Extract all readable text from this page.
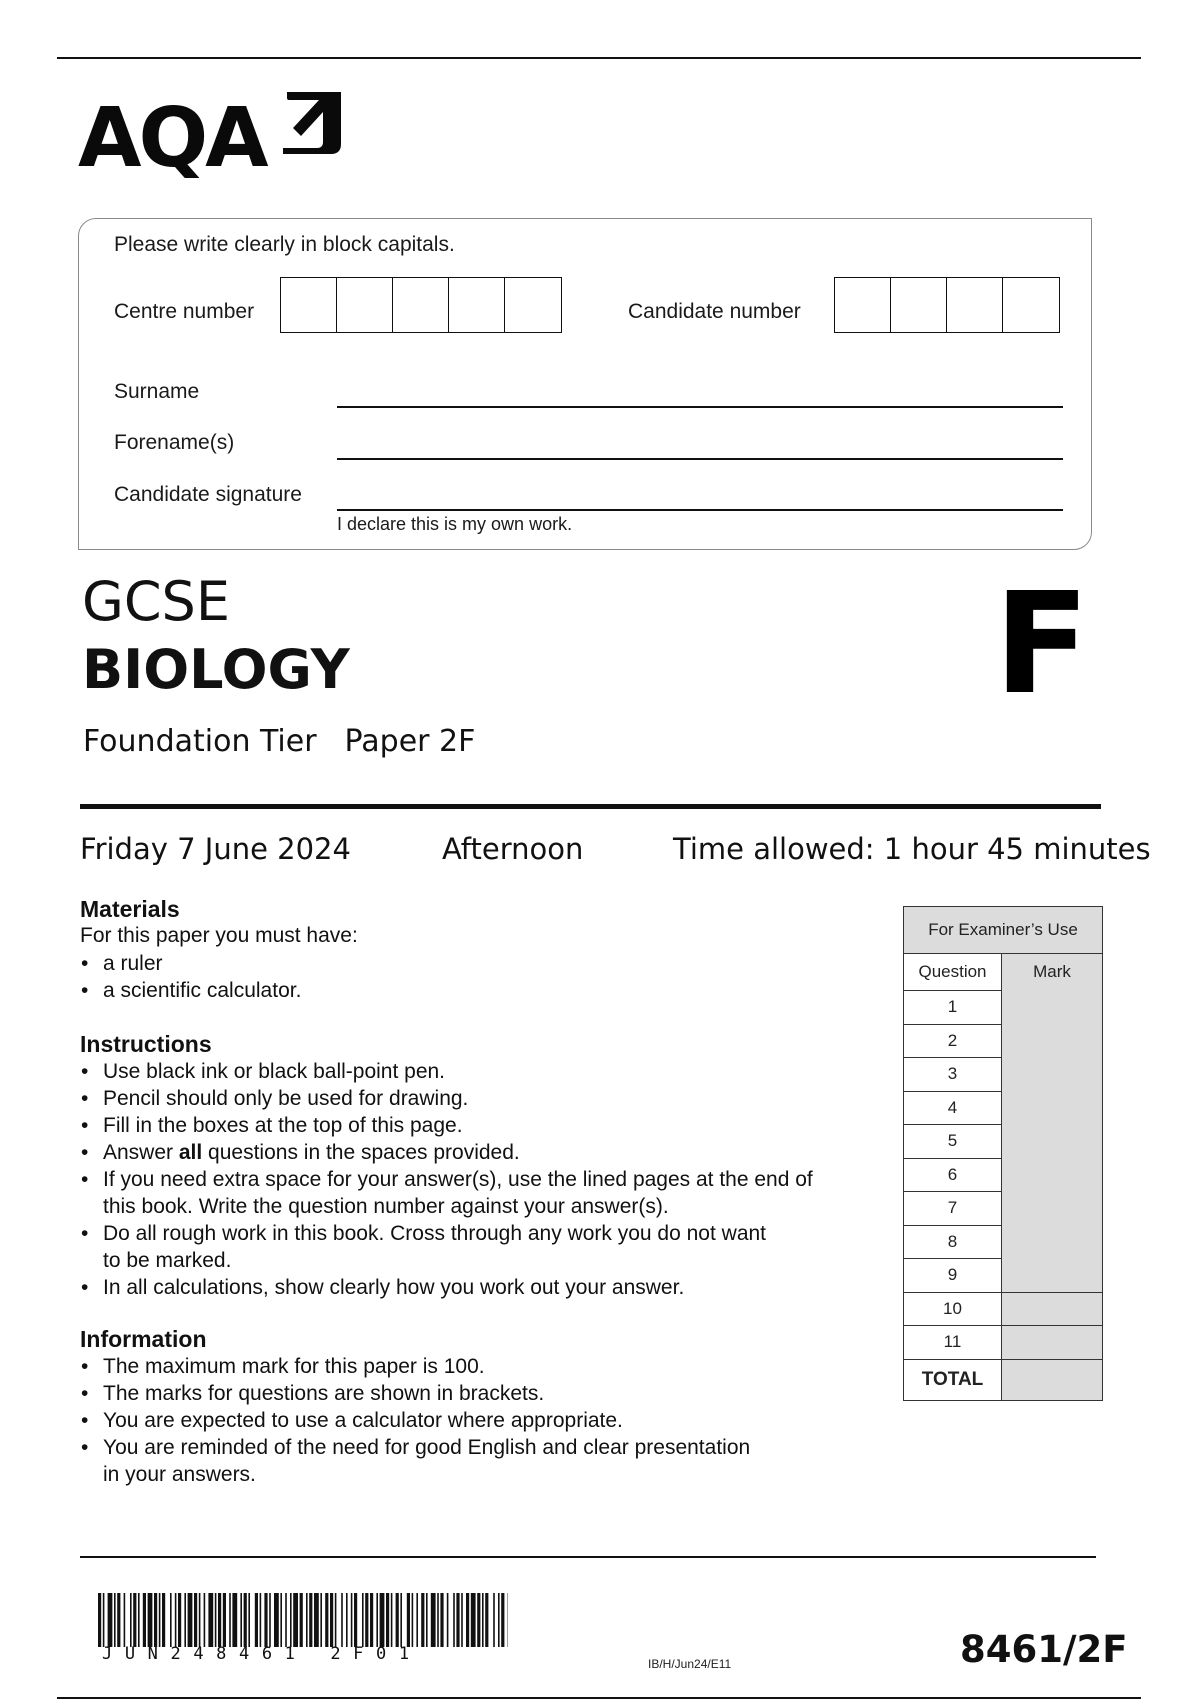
AQA
Please write clearly in block capitals.
Centre number	Candidate number
Surname
Forename(s)
Candidate signature
I declare this is my own work.
GCSE
BIOLOGY
Foundation Tier Paper 2F
F
Friday 7 June 2024	Afternoon	Time allowed: 1 hour 45 minutes
Materials
For this paper you must have:
• a ruler
• a scientific calculator.
Instructions
• Use black ink or black ball-point pen.
• Pencil should only be used for drawing.
• Fill in the boxes at the top of this page.
• Answer all questions in the spaces provided.
• If you need extra space for your answer(s), use the lined pages at the end of
this book. Write the question number against your answer(s).
• Do all rough work in this book. Cross through any work you do not want
to be marked.
• In all calculations, show clearly how you work out your answer.
Information
• The maximum mark for this paper is 100.
• The marks for questions are shown in brackets.
• You are expected to use a calculator where appropriate.
• You are reminded of the need for good English and clear presentation
in your answers.
For Examiner’s Use	
Question	Mark
1	
2	
3	
4	
5	
6	
7	
8	
9	
10	
11	
TOTAL	
JUN248461 2F01	IB/H/Jun24/E11	8461/2F
